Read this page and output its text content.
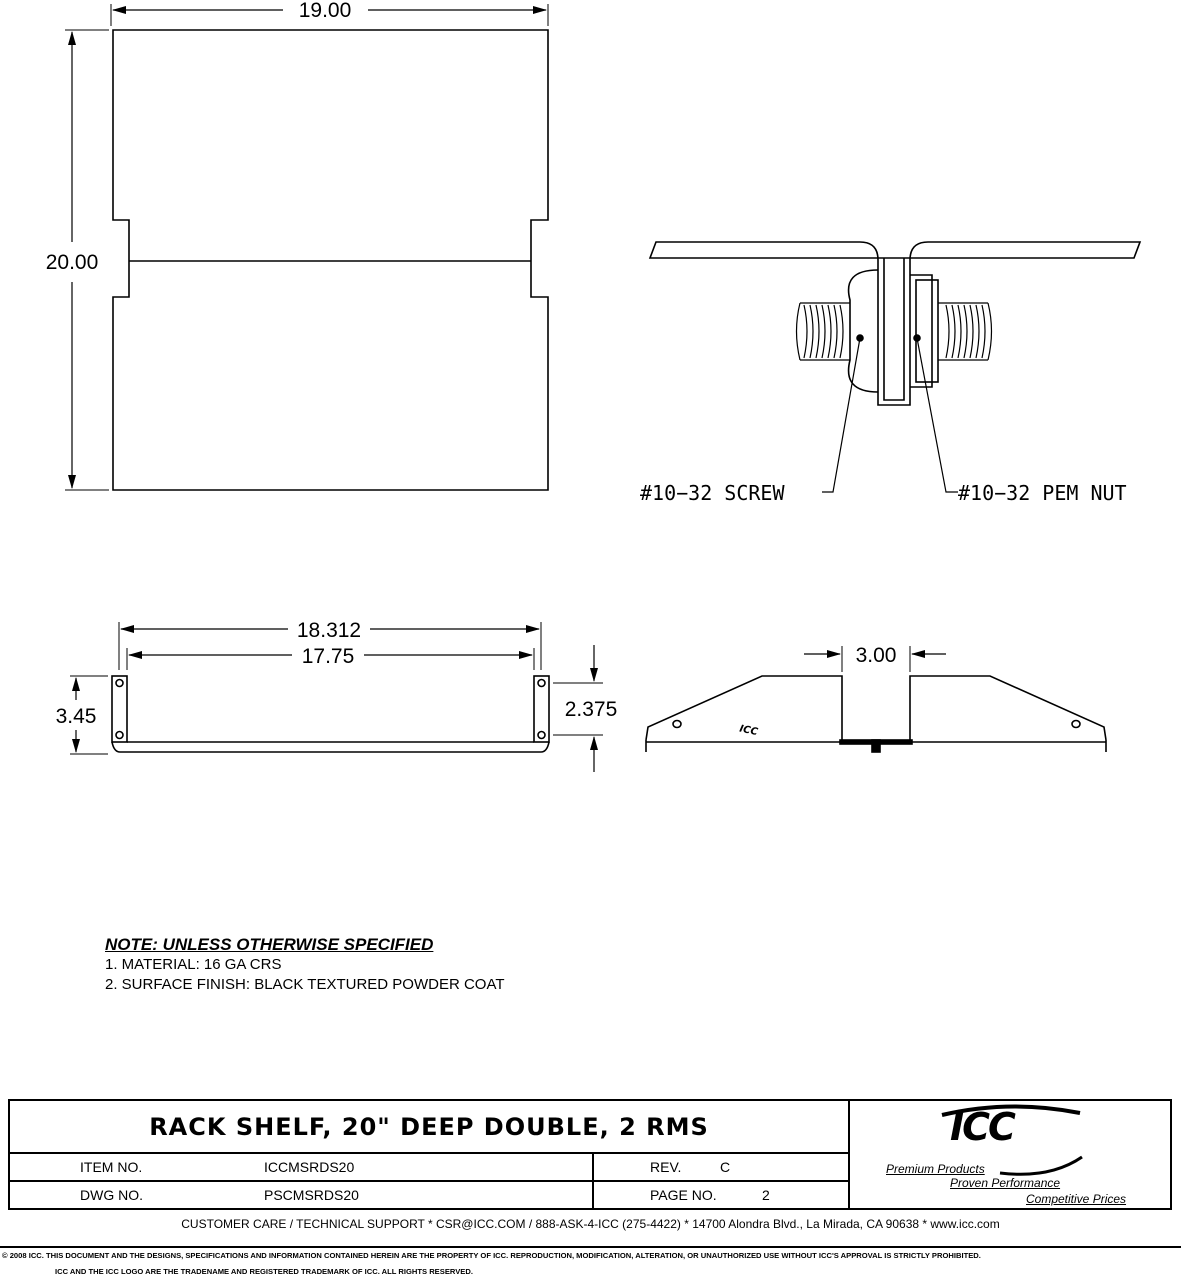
ICC
19.00
20.00
18.312
17.75
3.45	2.375
3.00
#10−32 SCREW	#10−32 PEM NUT
NOTE: UNLESS OTHERWISE SPECIFIED
1. MATERIAL: 16 GA CRS
2. SURFACE FINISH: BLACK TEXTURED POWDER COAT
RACK SHELF, 20" DEEP DOUBLE, 2 RMS
ITEM NO.	ICCMSRDS20	REV.	C
DWG NO.	PSCMSRDS20	PAGE NO.	2
ICC
Premium Products
Proven Performance
Competitive Prices
CUSTOMER CARE / TECHNICAL SUPPORT * CSR@ICC.COM / 888-ASK-4-ICC (275-4422) * 14700 Alondra Blvd., La Mirada, CA 90638 * www.icc.com
© 2008 ICC. THIS DOCUMENT AND THE DESIGNS, SPECIFICATIONS AND INFORMATION CONTAINED HEREIN ARE THE PROPERTY OF ICC. REPRODUCTION, MODIFICATION, ALTERATION, OR UNAUTHORIZED USE WITHOUT ICC'S APPROVAL IS STRICTLY PROHIBITED.
ICC AND THE ICC LOGO ARE THE TRADENAME AND REGISTERED TRADEMARK OF ICC. ALL RIGHTS RESERVED.
